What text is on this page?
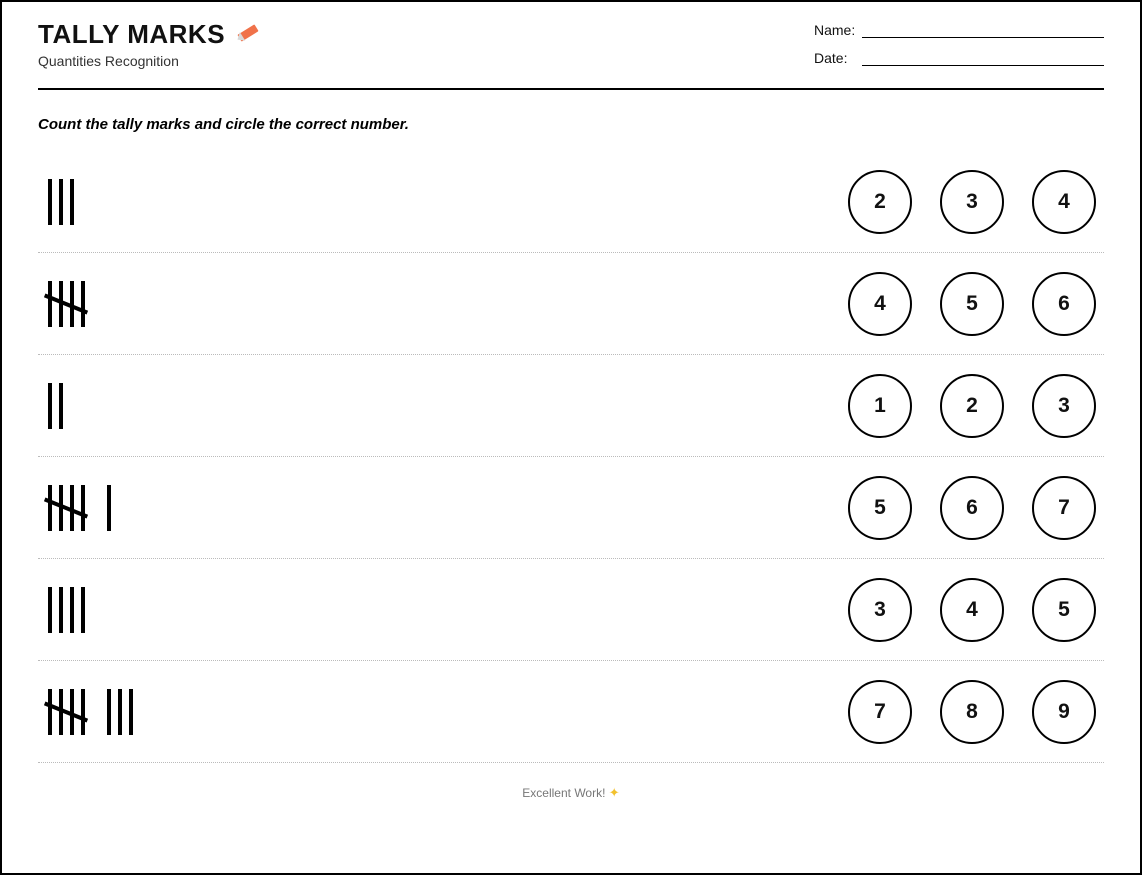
TALLY MARKS
Quantities Recognition
Name:
Date:
Count the tally marks and circle the correct number.
2	3	4
4	5	6
1	2	3
5	6	7
3	4	5
7	8	9
Excellent Work! ✦
